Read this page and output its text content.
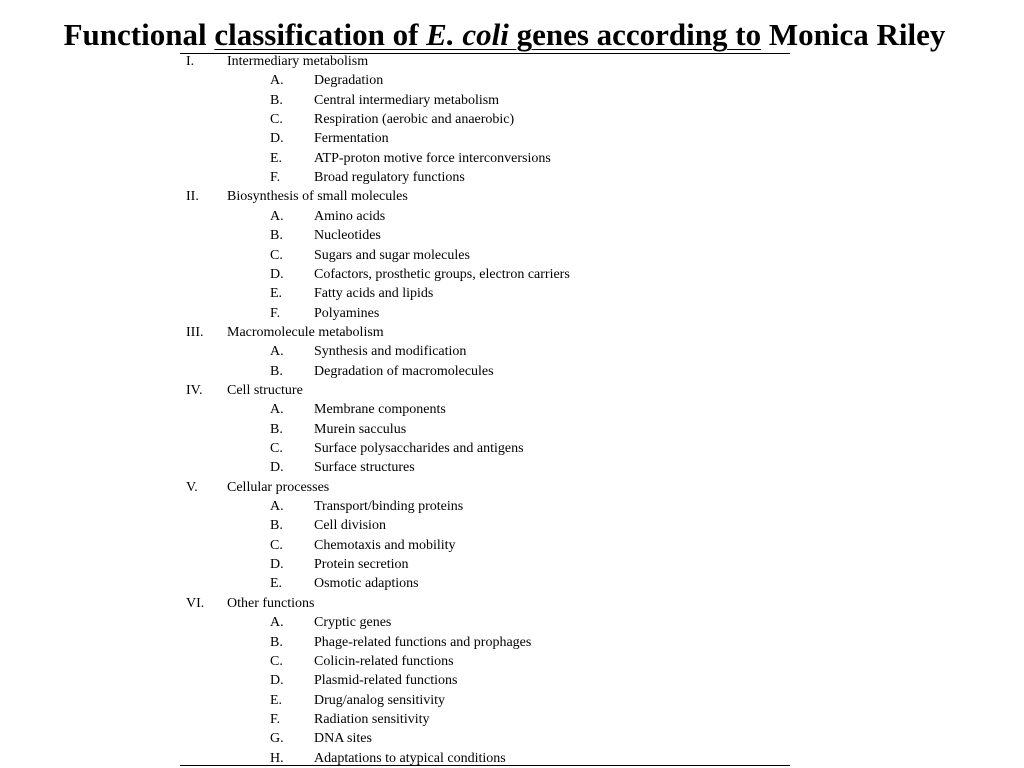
Functional classification of E. coli genes according to Monica Riley
I. Intermediary metabolism
A. Degradation
B. Central intermediary metabolism
C. Respiration (aerobic and anaerobic)
D. Fermentation
E. ATP-proton motive force interconversions
F. Broad regulatory functions
II. Biosynthesis of small molecules
A. Amino acids
B. Nucleotides
C. Sugars and sugar molecules
D. Cofactors, prosthetic groups, electron carriers
E. Fatty acids and lipids
F. Polyamines
III. Macromolecule metabolism
A. Synthesis and modification
B. Degradation of macromolecules
IV. Cell structure
A. Membrane components
B. Murein sacculus
C. Surface polysaccharides and antigens
D. Surface structures
V. Cellular processes
A. Transport/binding proteins
B. Cell division
C. Chemotaxis and mobility
D. Protein secretion
E. Osmotic adaptions
VI. Other functions
A. Cryptic genes
B. Phage-related functions and prophages
C. Colicin-related functions
D. Plasmid-related functions
E. Drug/analog sensitivity
F. Radiation sensitivity
G. DNA sites
H. Adaptations to atypical conditions
